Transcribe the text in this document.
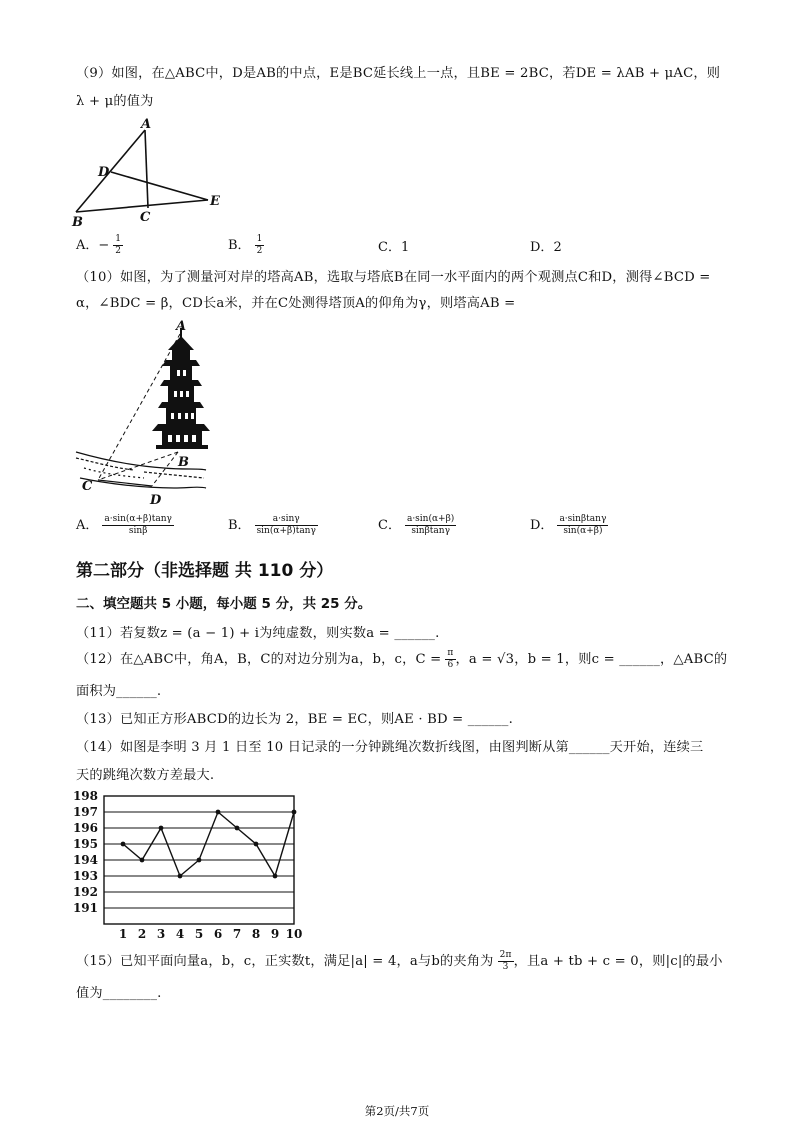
（9）如图，在△ABC中，D是AB的中点，E是BC延长线上一点，且BE = 2BC，若DE = λAB + μAC，则
λ + μ的值为
A
D
B	C
E
A．− $\frac{1}{2}$	B． $\frac{1}{2}$	C．1	D．2
（10）如图，为了测量河对岸的塔高AB，选取与塔底B在同一水平面内的两个观测点C和D，测得∠BCD =
α，∠BDC = β，CD长a米，并在C处测得塔顶A的仰角为γ，则塔高AB =
A
B
C
D
A． $\frac{a\cdot\sin(\alpha+\beta)\tan\gamma}{\sin\beta}$	B． $\frac{a\cdot\sin\gamma}{\sin(\alpha+\beta)\tan\gamma}$	C． $\frac{a\cdot\sin(\alpha+\beta)}{\sin\beta\tan\gamma}$	D． $\frac{a\cdot\sin\beta\tan\gamma}{\sin(\alpha+\beta)}$
第二部分（非选择题 共 110 分）
二、填空题共 5 小题，每小题 5 分，共 25 分。
（11）若复数z = (a − 1) + i为纯虚数，则实数a = ______.
（12）在△ABC中，角A，B，C的对边分别为a，b，c，$C = \frac{\pi}{6}$ ，a = √3，b = 1，则c = ______，△ABC的
面积为______.
（13）已知正方形ABCD的边长为 2，BE = EC，则AE · BD = ______.
（14）如图是李明 3 月 1 日至 10 日记录的一分钟跳绳次数折线图，由图判断从第______天开始，连续三
天的跳绳次数方差最大.
198
197
196
195
194
193
192
191
1 2 3 4 5 6 7 8 9 10
（15）已知平面向量a，b，c，正实数t，满足|a| = 4，a与b的夹角为 $\frac{2\pi}{3}$ ，且a + tb + c = 0，则|c|的最小
值为________.
第2页/共7页
